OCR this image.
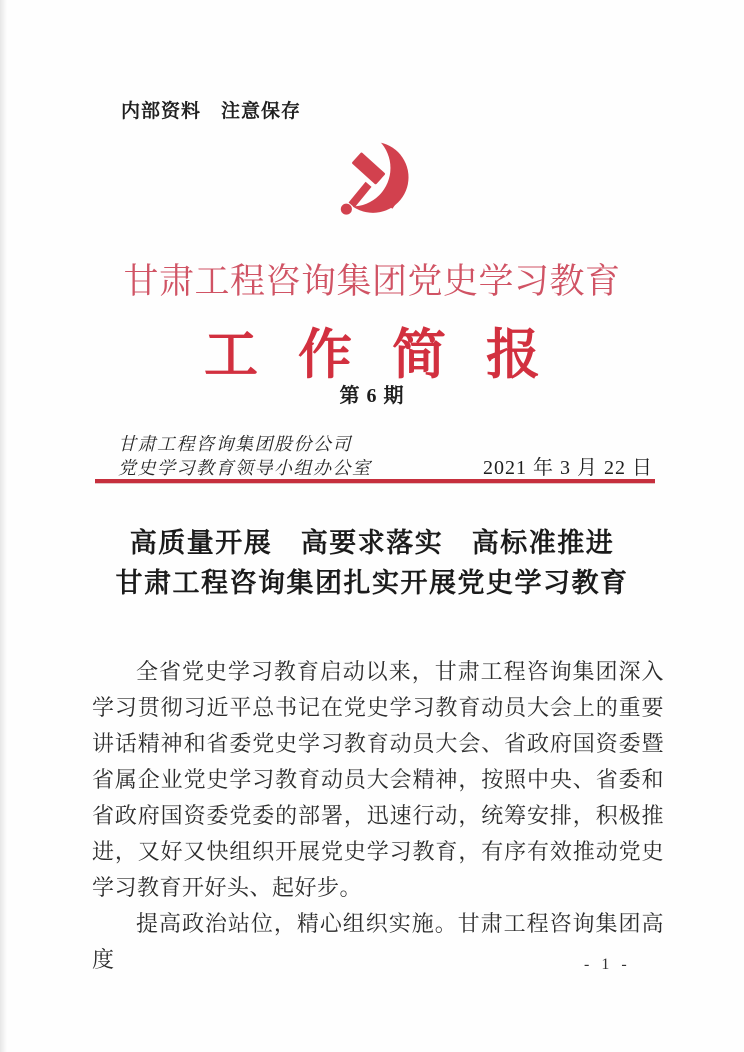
内部资料　注意保存
甘肃工程咨询集团党史学习教育
工作简报
第 6 期
甘肃工程咨询集团股份公司
党史学习教育领导小组办公室	2021 年 3 月 22 日
高质量开展　高要求落实　高标准推进
甘肃工程咨询集团扎实开展党史学习教育

全省党史学习教育启动以来，甘肃工程咨询集团深入学习贯彻习近平总书记在党史学习教育动员大会上的重要讲话精神和省委党史学习教育动员大会、省政府国资委暨省属企业党史学习教育动员大会精神，按照中央、省委和省政府国资委党委的部署，迅速行动，统筹安排，积极推进，又好又快组织开展党史学习教育，有序有效推动党史学习教育开好头、起好步。

提高政治站位，精心组织实施。甘肃工程咨询集团高度	- 1 -
